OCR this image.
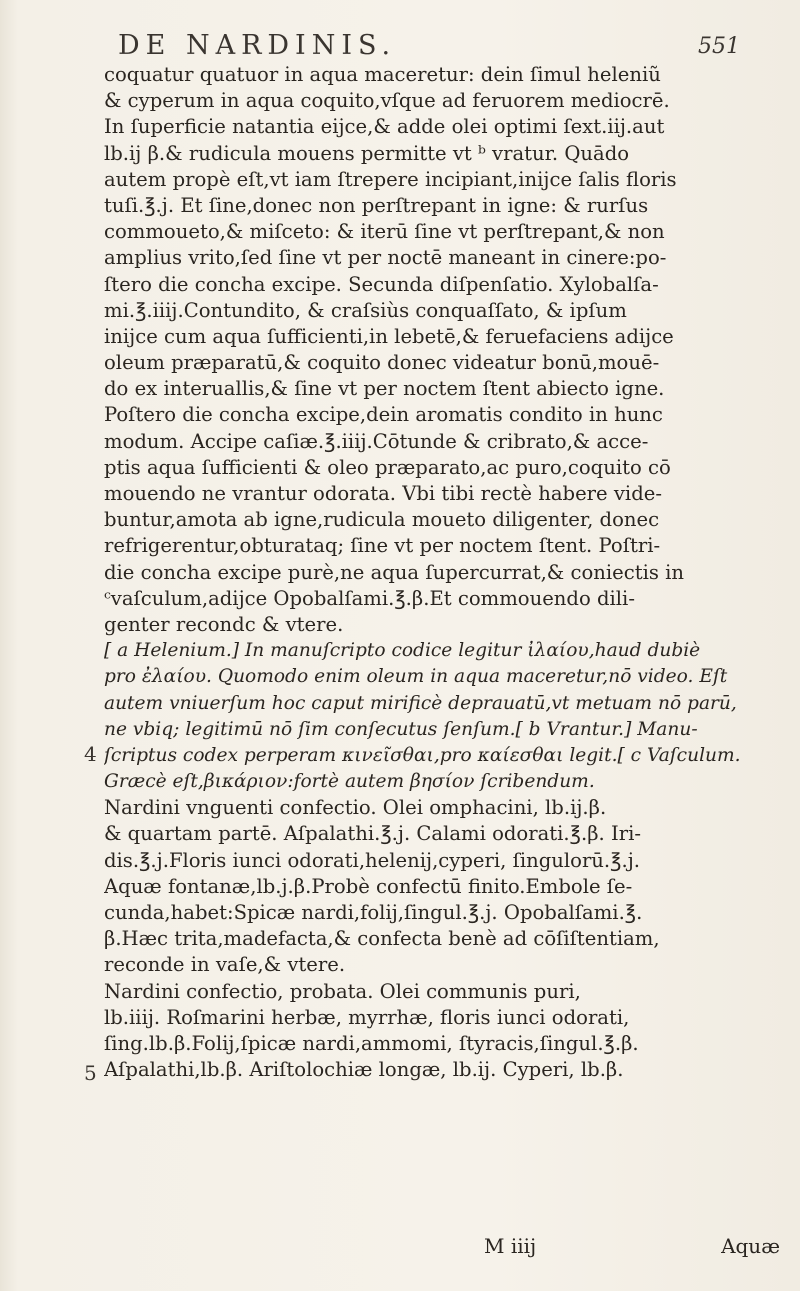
DE NARDINIS.	551
coquatur quatuor in aqua maceretur: dein ſimul heleniũ
& cyperum in aqua coquito,vſque ad feruorem mediocrē.
In ſuperficie natantia eijce,& adde olei optimi ſext.iij.aut
lb.ij β.& rudicula mouens permitte vt ᵇ vratur. Quādo
autem propè eſt,vt iam ſtrepere incipiant,inijce ſalis floris
tuſi.℥.j. Et ſine,donec non perſtrepant in igne: & rurſus
commoueto,& miſceto: & iterū ſine vt perſtrepant,& non
amplius vrito,ſed ſine vt per noctē maneant in cinere:po-
ſtero die concha excipe. Secunda diſpenſatio. Xylobalſa-
mi.℥.iiij.Contundito, & craſsiùs conquaſſato, & ipſum
inijce cum aqua ſufficienti,in lebetē,& feruefaciens adijce
oleum præparatū,& coquito donec videatur bonū,mouē-
do ex interuallis,& ſine vt per noctem ſtent abiecto igne.
Poſtero die concha excipe,dein aromatis condito in hunc
modum. Accipe caſiæ.℥.iiij.Cōtunde & cribrato,& acce-
ptis aqua ſufficienti & oleo præparato,ac puro,coquito cō
mouendo ne vrantur odorata. Vbi tibi rectè habere vide-
buntur,amota ab igne,rudicula moueto diligenter, donec
refrigerentur,obturataq; ſine vt per noctem ſtent. Poſtri-
die concha excipe purè,ne aqua ſupercurrat,& coniectis in
ᶜvaſculum,adijce Opobalſami.℥.β.Et commouendo dili-
genter recondc & vtere.
[ a Helenium.] In manuſcripto codice legitur ἰλαίου,haud dubiè
pro ἐλαίου. Quomodo enim oleum in aqua maceretur,nō video. Eſt
autem vniuerſum hoc caput mirificè deprauatū,vt metuam nō parū,
ne vbiq; legitimū nō ſim conſecutus ſenſum.[ b Vrantur.] Manu-
ſcriptus codex perperam κινεῖσθαι,pro καίεσθαι legit.[ c Vaſculum.
Græcè eſt,βικάριον:fortè autem βησίον ſcribendum.
Nardini vnguenti confectio. Olei omphacini, lb.ij.β.
& quartam partē. Aſpalathi.℥.j. Calami odorati.℥.β. Iri-
dis.℥.j.Floris iunci odorati,helenij,cyperi, ſingulorū.℥.j.
Aquæ fontanæ,lb.j.β.Probè confectū finito.Embole ſe-
cunda,habet:Spicæ nardi,folij,ſingul.℥.j. Opobalſami.℥.
β.Hæc trita,madefacta,& confecta benè ad cōſiſtentiam,
reconde in vaſe,& vtere.
Nardini confectio, probata. Olei communis puri,
lb.iiij. Roſmarini herbæ, myrrhæ, floris iunci odorati,
ſing.lb.β.Folij,ſpicæ nardi,ammomi, ſtyracis,ſingul.℥.β.
Aſpalathi,lb.β. Ariſtolochiæ longæ, lb.ij. Cyperi, lb.β.
4
5
M iiij	Aquæ
